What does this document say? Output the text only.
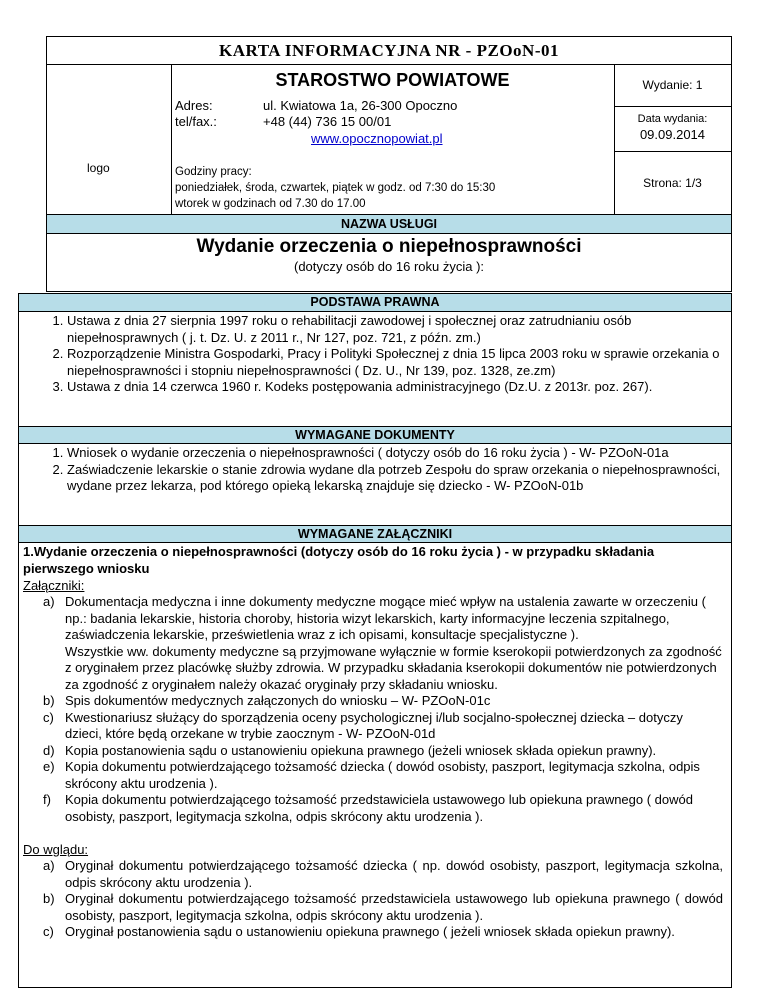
KARTA INFORMACYJNA NR - PZOoN-01
logo
STAROSTWO POWIATOWE
Adres:	ul. Kwiatowa 1a, 26-300 Opoczno
tel/fax.:	+48 (44) 736 15 00/01
www.opocznopowiat.pl
Godziny pracy:
poniedziałek, środa, czwartek, piątek w godz. od 7:30 do 15:30
wtorek w godzinach od 7.30 do 17.00
Wydanie: 1
Data wydania:
09.09.2014
Strona: 1/3
NAZWA USŁUGI
Wydanie orzeczenia o niepełnosprawności
(dotyczy osób do 16 roku życia ):
PODSTAWA PRAWNA
1. Ustawa z dnia 27 sierpnia 1997 roku o rehabilitacji zawodowej i społecznej oraz zatrudnianiu osób niepełnosprawnych ( j. t. Dz. U. z 2011 r., Nr 127, poz. 721, z późn. zm.)
2. Rozporządzenie Ministra Gospodarki, Pracy i Polityki Społecznej z dnia 15 lipca 2003 roku w sprawie orzekania o niepełnosprawności i stopniu niepełnosprawności ( Dz. U., Nr 139, poz. 1328, ze.zm)
3. Ustawa z dnia 14 czerwca 1960 r. Kodeks postępowania administracyjnego (Dz.U. z 2013r. poz. 267).
WYMAGANE DOKUMENTY
1. Wniosek o wydanie orzeczenia o niepełnosprawności ( dotyczy osób do 16 roku życia ) - W- PZOoN-01a
2. Zaświadczenie lekarskie o stanie zdrowia wydane dla potrzeb Zespołu do spraw orzekania o niepełnosprawności, wydane przez lekarza, pod którego opieką lekarską znajduje się dziecko - W- PZOoN-01b
WYMAGANE ZAŁĄCZNIKI
1.Wydanie orzeczenia o niepełnosprawności (dotyczy osób do 16 roku życia ) - w przypadku składania pierwszego wniosku
Załączniki:
a) Dokumentacja medyczna i inne dokumenty medyczne mogące mieć wpływ na ustalenia zawarte w orzeczeniu ( np.: badania lekarskie, historia choroby, historia wizyt lekarskich, karty informacyjne leczenia szpitalnego, zaświadczenia lekarskie, prześwietlenia wraz z ich opisami, konsultacje specjalistyczne ).
Wszystkie ww. dokumenty medyczne są przyjmowane wyłącznie w formie kserokopii potwierdzonych za zgodność z oryginałem przez placówkę służby zdrowia. W przypadku składania kserokopii dokumentów nie potwierdzonych za zgodność z oryginałem należy okazać oryginały przy składaniu wniosku.
b) Spis dokumentów medycznych załączonych do wniosku – W- PZOoN-01c
c) Kwestionariusz służący do sporządzenia oceny psychologicznej i/lub socjalno-społecznej dziecka – dotyczy dzieci, które będą orzekane w trybie zaocznym - W- PZOoN-01d
d) Kopia postanowienia sądu o ustanowieniu opiekuna prawnego (jeżeli wniosek składa opiekun prawny).
e) Kopia dokumentu potwierdzającego tożsamość dziecka ( dowód osobisty, paszport, legitymacja szkolna, odpis skrócony aktu urodzenia ).
f) Kopia dokumentu potwierdzającego tożsamość przedstawiciela ustawowego lub opiekuna prawnego ( dowód osobisty, paszport, legitymacja szkolna, odpis skrócony aktu urodzenia ).
Do wglądu:
a) Oryginał dokumentu potwierdzającego tożsamość dziecka ( np. dowód osobisty, paszport, legitymacja szkolna, odpis skrócony aktu urodzenia ).
b) Oryginał dokumentu potwierdzającego tożsamość przedstawiciela ustawowego lub opiekuna prawnego ( dowód osobisty, paszport, legitymacja szkolna, odpis skrócony aktu urodzenia ).
c) Oryginał postanowienia sądu o ustanowieniu opiekuna prawnego ( jeżeli wniosek składa opiekun prawny).
